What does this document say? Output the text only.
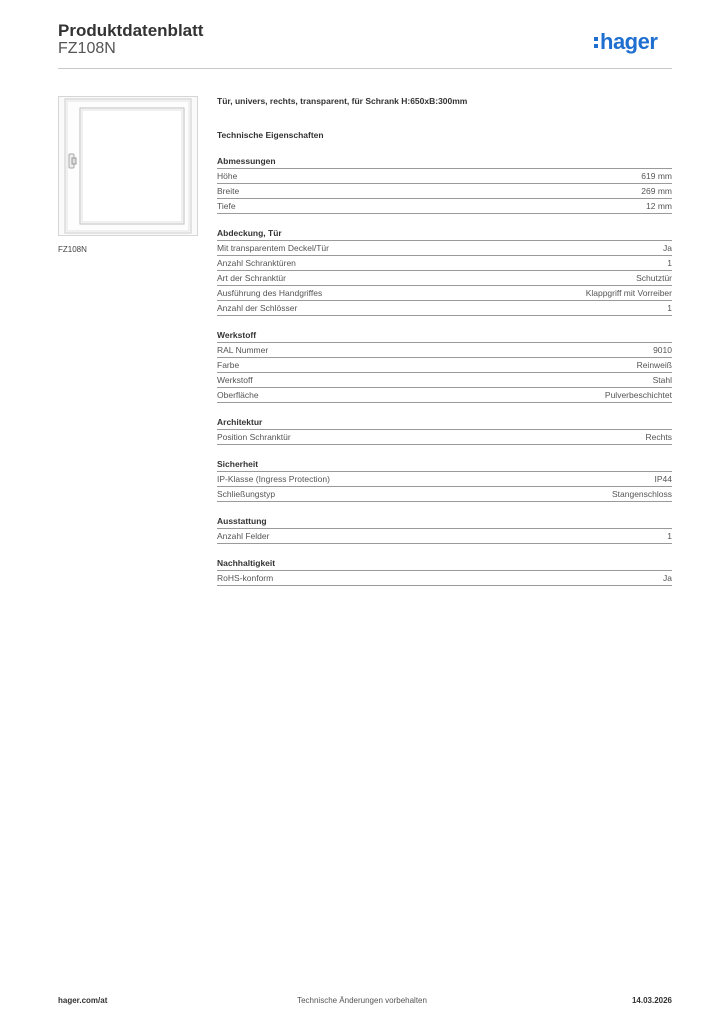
Produktdatenblatt
FZ108N	hager
FZ108N
Tür, univers, rechts, transparent, für Schrank H:650xB:300mm
Technische Eigenschaften
Abmessungen
Höhe	619 mm
Breite	269 mm
Tiefe	12 mm
Abdeckung, Tür
Mit transparentem Deckel/Tür	Ja
Anzahl Schranktüren	1
Art der Schranktür	Schutztür
Ausführung des Handgriffes	Klappgriff mit Vorreiber
Anzahl der Schlösser	1
Werkstoff
RAL Nummer	9010
Farbe	Reinweiß
Werkstoff	Stahl
Oberfläche	Pulverbeschichtet
Architektur
Position Schranktür	Rechts
Sicherheit
IP-Klasse (Ingress Protection)	IP44
Schließungstyp	Stangenschloss
Ausstattung
Anzahl Felder	1
Nachhaltigkeit
RoHS-konform	Ja
hager.com/at	Technische Änderungen vorbehalten	14.03.2026
